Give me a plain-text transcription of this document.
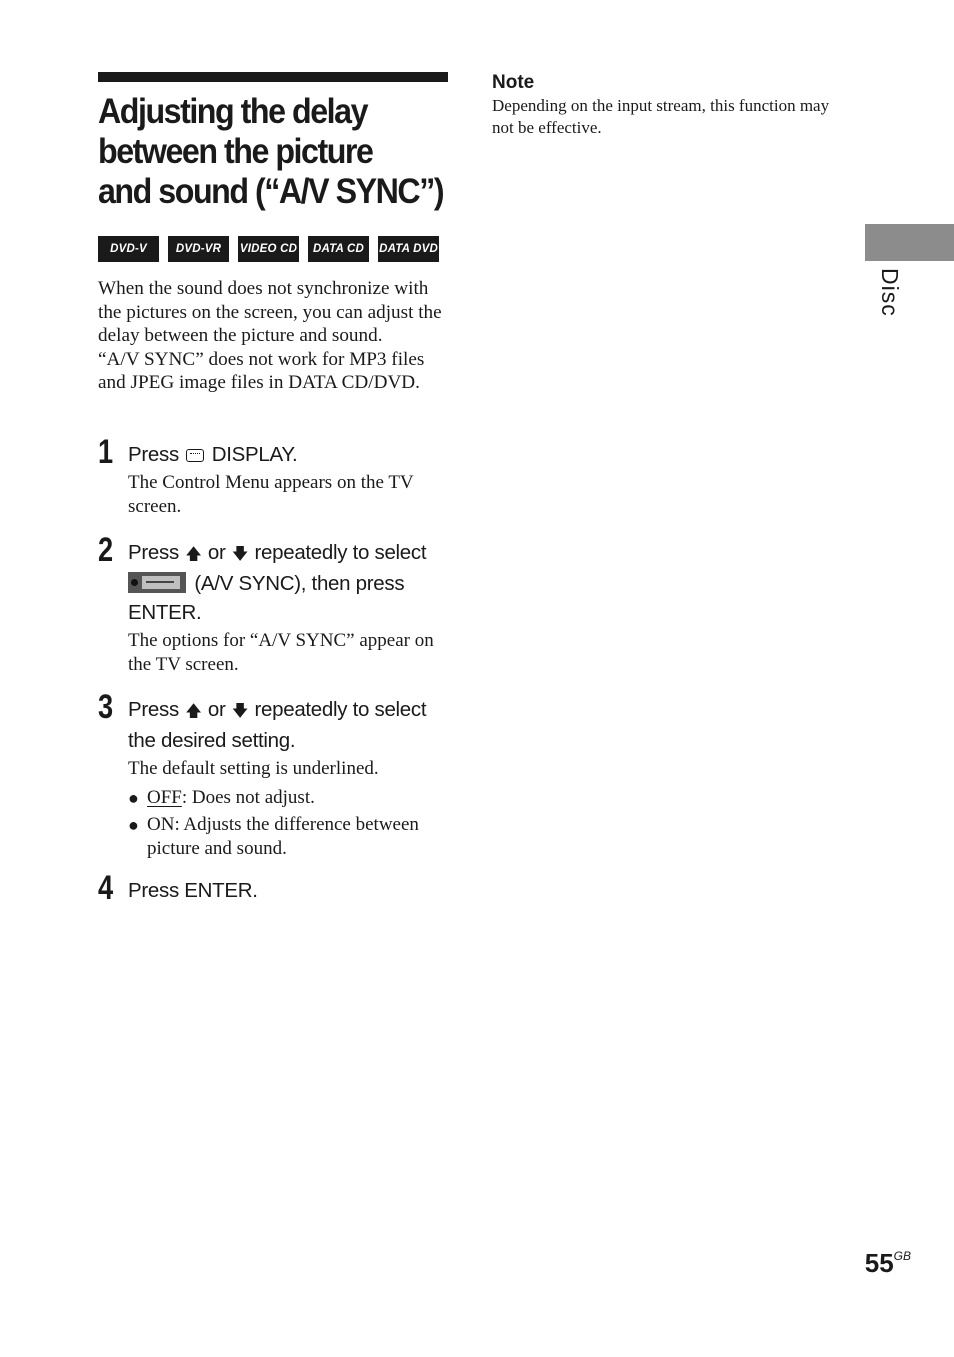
Adjusting the delay
between the picture
and sound (“A/V SYNC”)
DVD-V	DVD-VR	VIDEO CD	DATA CD	DATA DVD

When the sound does not synchronize with the pictures on the screen, you can adjust the delay between the picture and sound.

“A/V SYNC” does not work for MP3 files and JPEG image files in DATA CD/DVD.

1 Press DISPLAY.
The Control Menu appears on the TV screen.
2 Press 🡅 or 🡇 repeatedly to select
(A/V SYNC), then press ENTER.
The options for “A/V SYNC” appear on the TV screen.
3 Press 🡅 or 🡇 repeatedly to select the desired setting.
The default setting is underlined.
● OFF: Does not adjust.
● ON: Adjusts the difference between picture and sound.
4 Press ENTER.
Note
Depending on the input stream, this function may not be effective.
Disc
$55^{GB}$
